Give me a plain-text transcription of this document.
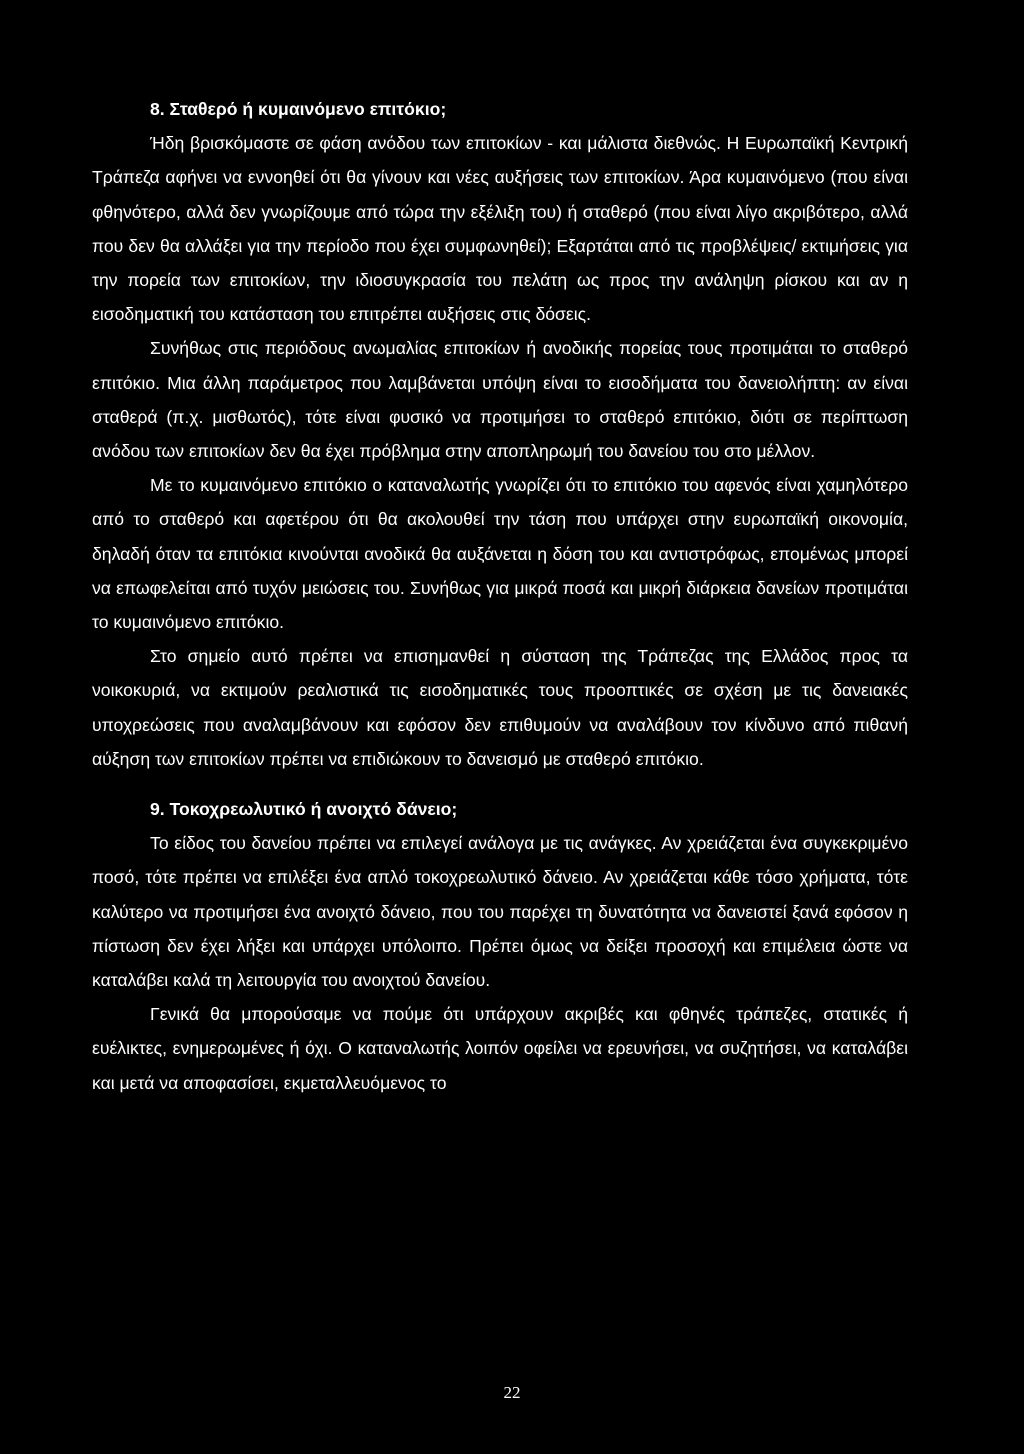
8. Σταθερό ή κυμαινόμενο επιτόκιο;

Ήδη βρισκόμαστε σε φάση ανόδου των επιτοκίων - και μάλιστα διεθνώς. Η Ευρωπαϊκή Κεντρική Τράπεζα αφήνει να εννοηθεί ότι θα γίνουν και νέες αυξήσεις των επιτοκίων. Άρα κυμαινόμενο (που είναι φθηνότερο, αλλά δεν γνωρίζουμε από τώρα την εξέλιξη του) ή σταθερό (που είναι λίγο ακριβότερο, αλλά που δεν θα αλλάξει για την περίοδο που έχει συμφωνηθεί); Εξαρτάται από τις προβλέψεις/ εκτιμήσεις για την πορεία των επιτοκίων, την ιδιοσυγκρασία του πελάτη ως προς την ανάληψη ρίσκου και αν η εισοδηματική του κατάσταση του επιτρέπει αυξήσεις στις δόσεις.

Συνήθως στις περιόδους ανωμαλίας επιτοκίων ή ανοδικής πορείας τους προτιμάται το σταθερό επιτόκιο. Μια άλλη παράμετρος που λαμβάνεται υπόψη είναι το εισοδήματα του δανειολήπτη: αν είναι σταθερά (π.χ. μισθωτός), τότε είναι φυσικό να προτιμήσει το σταθερό επιτόκιο, διότι σε περίπτωση ανόδου των επιτοκίων δεν θα έχει πρόβλημα στην αποπληρωμή του δανείου του στο μέλλον.

Με το κυμαινόμενο επιτόκιο ο καταναλωτής γνωρίζει ότι το επιτόκιο του αφενός είναι χαμηλότερο από το σταθερό και αφετέρου ότι θα ακολουθεί την τάση που υπάρχει στην ευρωπαϊκή οικονομία, δηλαδή όταν τα επιτόκια κινούνται ανοδικά θα αυξάνεται η δόση του και αντιστρόφως, επομένως μπορεί να επωφελείται από τυχόν μειώσεις του. Συνήθως για μικρά ποσά και μικρή διάρκεια δανείων προτιμάται το κυμαινόμενο επιτόκιο.

Στο σημείο αυτό πρέπει να επισημανθεί η σύσταση της Τράπεζας της Ελλάδος προς τα νοικοκυριά, να εκτιμούν ρεαλιστικά τις εισοδηματικές τους προοπτικές σε σχέση με τις δανειακές υποχρεώσεις που αναλαμβάνουν και εφόσον δεν επιθυμούν να αναλάβουν τον κίνδυνο από πιθανή αύξηση των επιτοκίων πρέπει να επιδιώκουν το δανεισμό με σταθερό επιτόκιο.

9. Τοκοχρεωλυτικό ή ανοιχτό δάνειο;

Το είδος του δανείου πρέπει να επιλεγεί ανάλογα με τις ανάγκες. Αν χρειάζεται ένα συγκεκριμένο ποσό, τότε πρέπει να επιλέξει ένα απλό τοκοχρεωλυτικό δάνειο. Αν χρειάζεται κάθε τόσο χρήματα, τότε καλύτερο να προτιμήσει ένα ανοιχτό δάνειο, που του παρέχει τη δυνατότητα να δανειστεί ξανά εφόσον η πίστωση δεν έχει λήξει και υπάρχει υπόλοιπο. Πρέπει όμως να δείξει προσοχή και επιμέλεια ώστε να καταλάβει καλά τη λειτουργία του ανοιχτού δανείου.

Γενικά θα μπορούσαμε να πούμε ότι υπάρχουν ακριβές και φθηνές τράπεζες, στατικές ή ευέλικτες, ενημερωμένες ή όχι. Ο καταναλωτής λοιπόν οφείλει να ερευνήσει, να συζητήσει, να καταλάβει και μετά να αποφασίσει, εκμεταλλευόμενος το

22
